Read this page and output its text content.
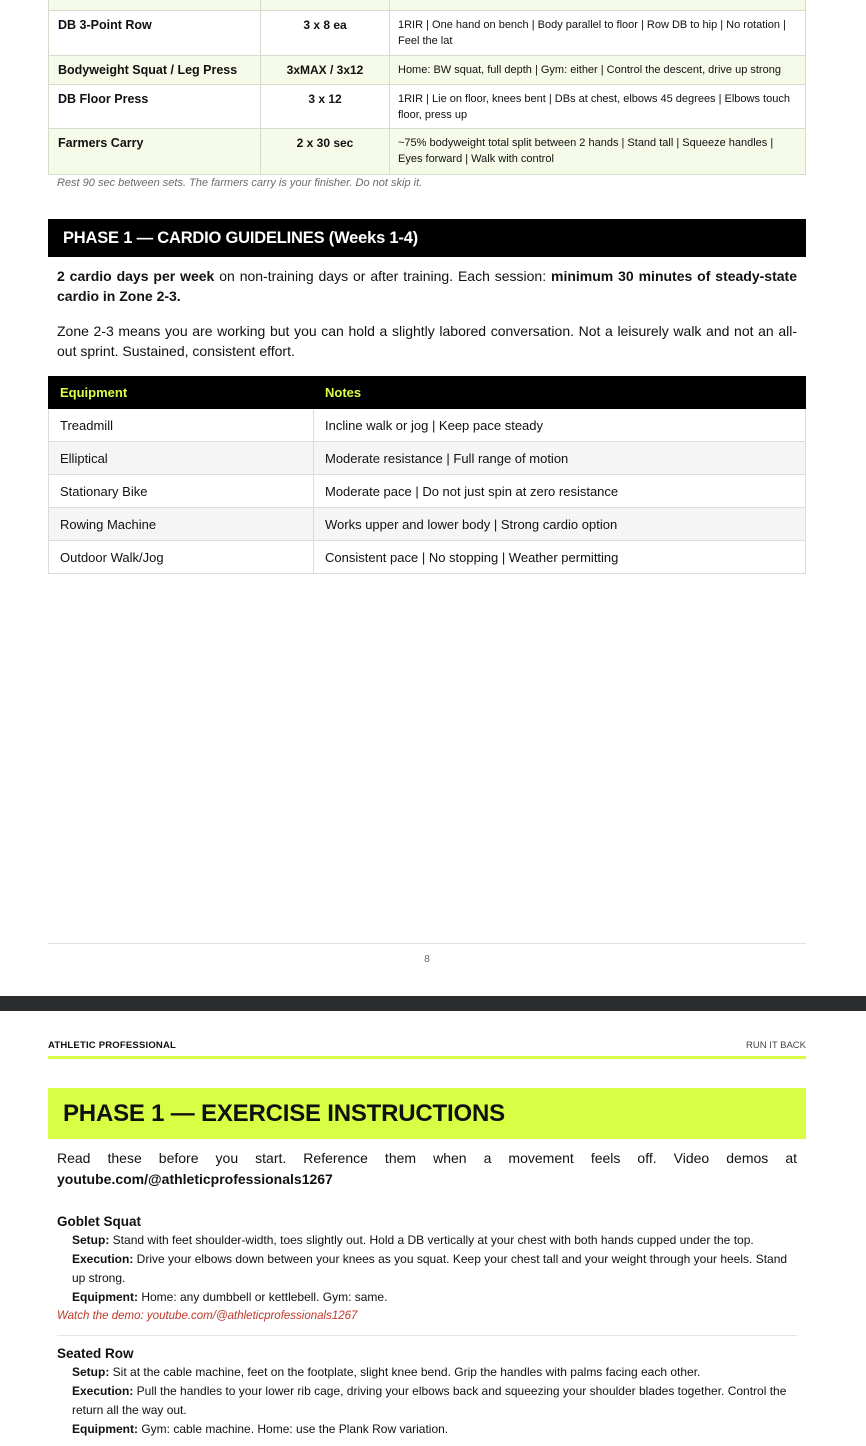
DB 3-Point Row	3 x 8 ea	1RIR | One hand on bench | Body parallel to floor | Row DB to hip | No rotation | Feel the lat
Bodyweight Squat / Leg Press	3xMAX / 3x12	Home: BW squat, full depth | Gym: either | Control the descent, drive up strong
DB Floor Press	3 x 12	1RIR | Lie on floor, knees bent | DBs at chest, elbows 45 degrees | Elbows touch floor, press up
Farmers Carry	2 x 30 sec	~75% bodyweight total split between 2 hands | Stand tall | Squeeze handles | Eyes forward | Walk with control
Rest 90 sec between sets. The farmers carry is your finisher. Do not skip it.
PHASE 1 — CARDIO GUIDELINES (Weeks 1-4)
2 cardio days per week on non-training days or after training. Each session: minimum 30 minutes of steady-state cardio in Zone 2-3.
Zone 2-3 means you are working but you can hold a slightly labored conversation. Not a leisurely walk and not an all-out sprint. Sustained, consistent effort.
Equipment	Notes
Treadmill	Incline walk or jog | Keep pace steady
Elliptical	Moderate resistance | Full range of motion
Stationary Bike	Moderate pace | Do not just spin at zero resistance
Rowing Machine	Works upper and lower body | Strong cardio option
Outdoor Walk/Jog	Consistent pace | No stopping | Weather permitting
8
ATHLETIC PROFESSIONAL	RUN IT BACK
PHASE 1 — EXERCISE INSTRUCTIONS
Read these before you start. Reference them when a movement feels off. Video demos at youtube.com/@athleticprofessionals1267
Goblet Squat
Setup: Stand with feet shoulder-width, toes slightly out. Hold a DB vertically at your chest with both hands cupped under the top.
Execution: Drive your elbows down between your knees as you squat. Keep your chest tall and your weight through your heels. Stand up strong.
Equipment: Home: any dumbbell or kettlebell. Gym: same.
Watch the demo: youtube.com/@athleticprofessionals1267
Seated Row
Setup: Sit at the cable machine, feet on the footplate, slight knee bend. Grip the handles with palms facing each other.
Execution: Pull the handles to your lower rib cage, driving your elbows back and squeezing your shoulder blades together. Control the return all the way out.
Equipment: Gym: cable machine. Home: use the Plank Row variation.
